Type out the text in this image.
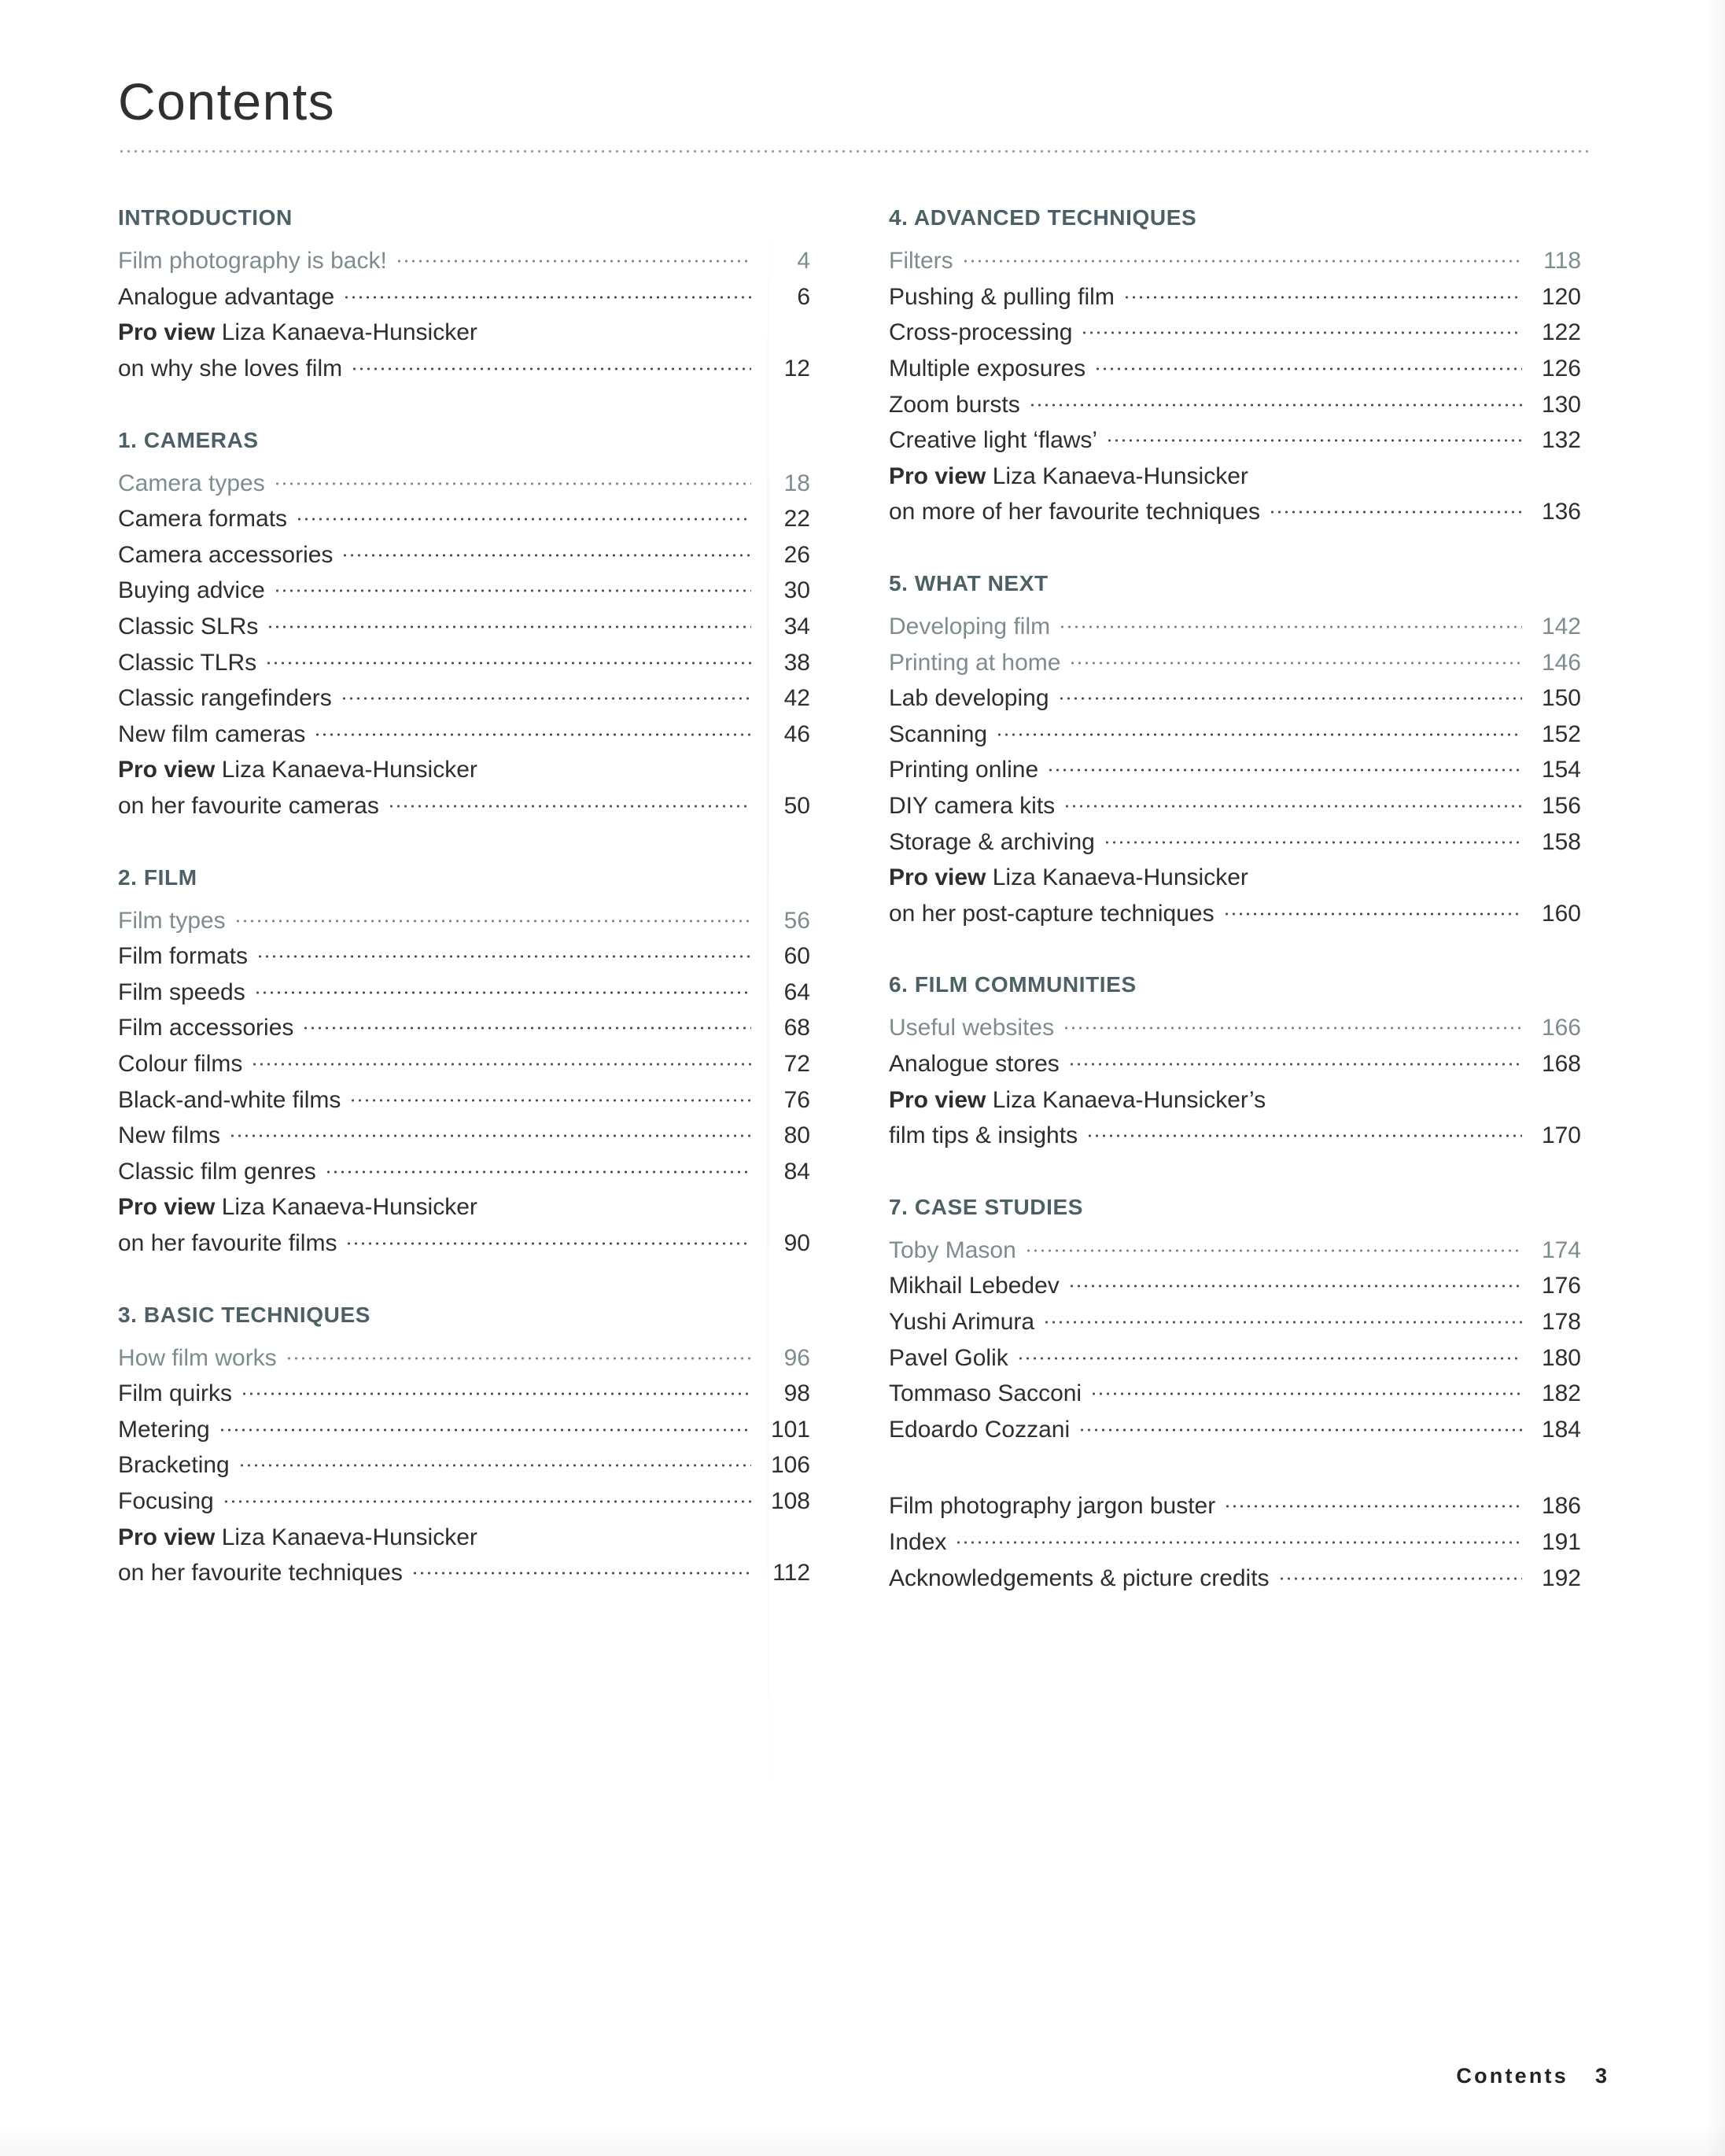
Contents
INTRODUCTION
Film photography is back!	4
Analogue advantage	6
Pro view Liza Kanaeva-Hunsicker
on why she loves film	12
1. CAMERAS
Camera types	18
Camera formats	22
Camera accessories	26
Buying advice	30
Classic SLRs	34
Classic TLRs	38
Classic rangefinders	42
New film cameras	46
Pro view Liza Kanaeva-Hunsicker
on her favourite cameras	50
2. FILM
Film types	56
Film formats	60
Film speeds	64
Film accessories	68
Colour films	72
Black-and-white films	76
New films	80
Classic film genres	84
Pro view Liza Kanaeva-Hunsicker
on her favourite films	90
3. BASIC TECHNIQUES
How film works	96
Film quirks	98
Metering	101
Bracketing	106
Focusing	108
Pro view Liza Kanaeva-Hunsicker
on her favourite techniques	112
4. ADVANCED TECHNIQUES
Filters	118
Pushing & pulling film	120
Cross-processing	122
Multiple exposures	126
Zoom bursts	130
Creative light ‘flaws’	132
Pro view Liza Kanaeva-Hunsicker
on more of her favourite techniques	136
5. WHAT NEXT
Developing film	142
Printing at home	146
Lab developing	150
Scanning	152
Printing online	154
DIY camera kits	156
Storage & archiving	158
Pro view Liza Kanaeva-Hunsicker
on her post-capture techniques	160
6. FILM COMMUNITIES
Useful websites	166
Analogue stores	168
Pro view Liza Kanaeva-Hunsicker’s
film tips & insights	170
7. CASE STUDIES
Toby Mason	174
Mikhail Lebedev	176
Yushi Arimura	178
Pavel Golik	180
Tommaso Sacconi	182
Edoardo Cozzani	184
Film photography jargon buster	186
Index	191
Acknowledgements & picture credits	192
Contents 3
